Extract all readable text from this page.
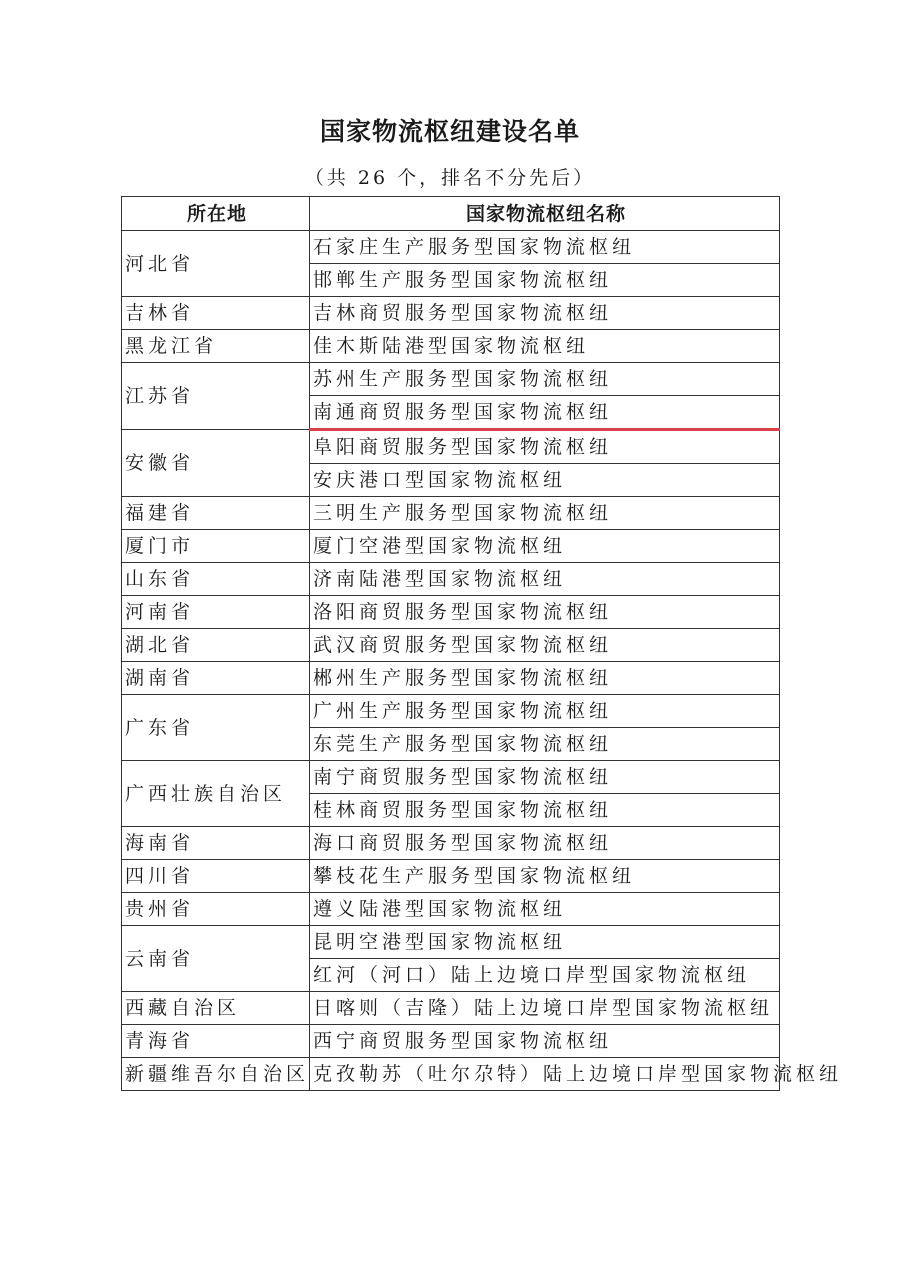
国家物流枢纽建设名单
（共 26 个，排名不分先后）
所在地	国家物流枢纽名称
河北省	石家庄生产服务型国家物流枢纽
	邯郸生产服务型国家物流枢纽
吉林省	吉林商贸服务型国家物流枢纽
黑龙江省	佳木斯陆港型国家物流枢纽
江苏省	苏州生产服务型国家物流枢纽
	南通商贸服务型国家物流枢纽
安徽省	阜阳商贸服务型国家物流枢纽
	安庆港口型国家物流枢纽
福建省	三明生产服务型国家物流枢纽
厦门市	厦门空港型国家物流枢纽
山东省	济南陆港型国家物流枢纽
河南省	洛阳商贸服务型国家物流枢纽
湖北省	武汉商贸服务型国家物流枢纽
湖南省	郴州生产服务型国家物流枢纽
广东省	广州生产服务型国家物流枢纽
	东莞生产服务型国家物流枢纽
广西壮族自治区	南宁商贸服务型国家物流枢纽
	桂林商贸服务型国家物流枢纽
海南省	海口商贸服务型国家物流枢纽
四川省	攀枝花生产服务型国家物流枢纽
贵州省	遵义陆港型国家物流枢纽
云南省	昆明空港型国家物流枢纽
	红河（河口）陆上边境口岸型国家物流枢纽
西藏自治区	日喀则（吉隆）陆上边境口岸型国家物流枢纽
青海省	西宁商贸服务型国家物流枢纽
新疆维吾尔自治区	克孜勒苏（吐尔尕特）陆上边境口岸型国家物流枢纽
